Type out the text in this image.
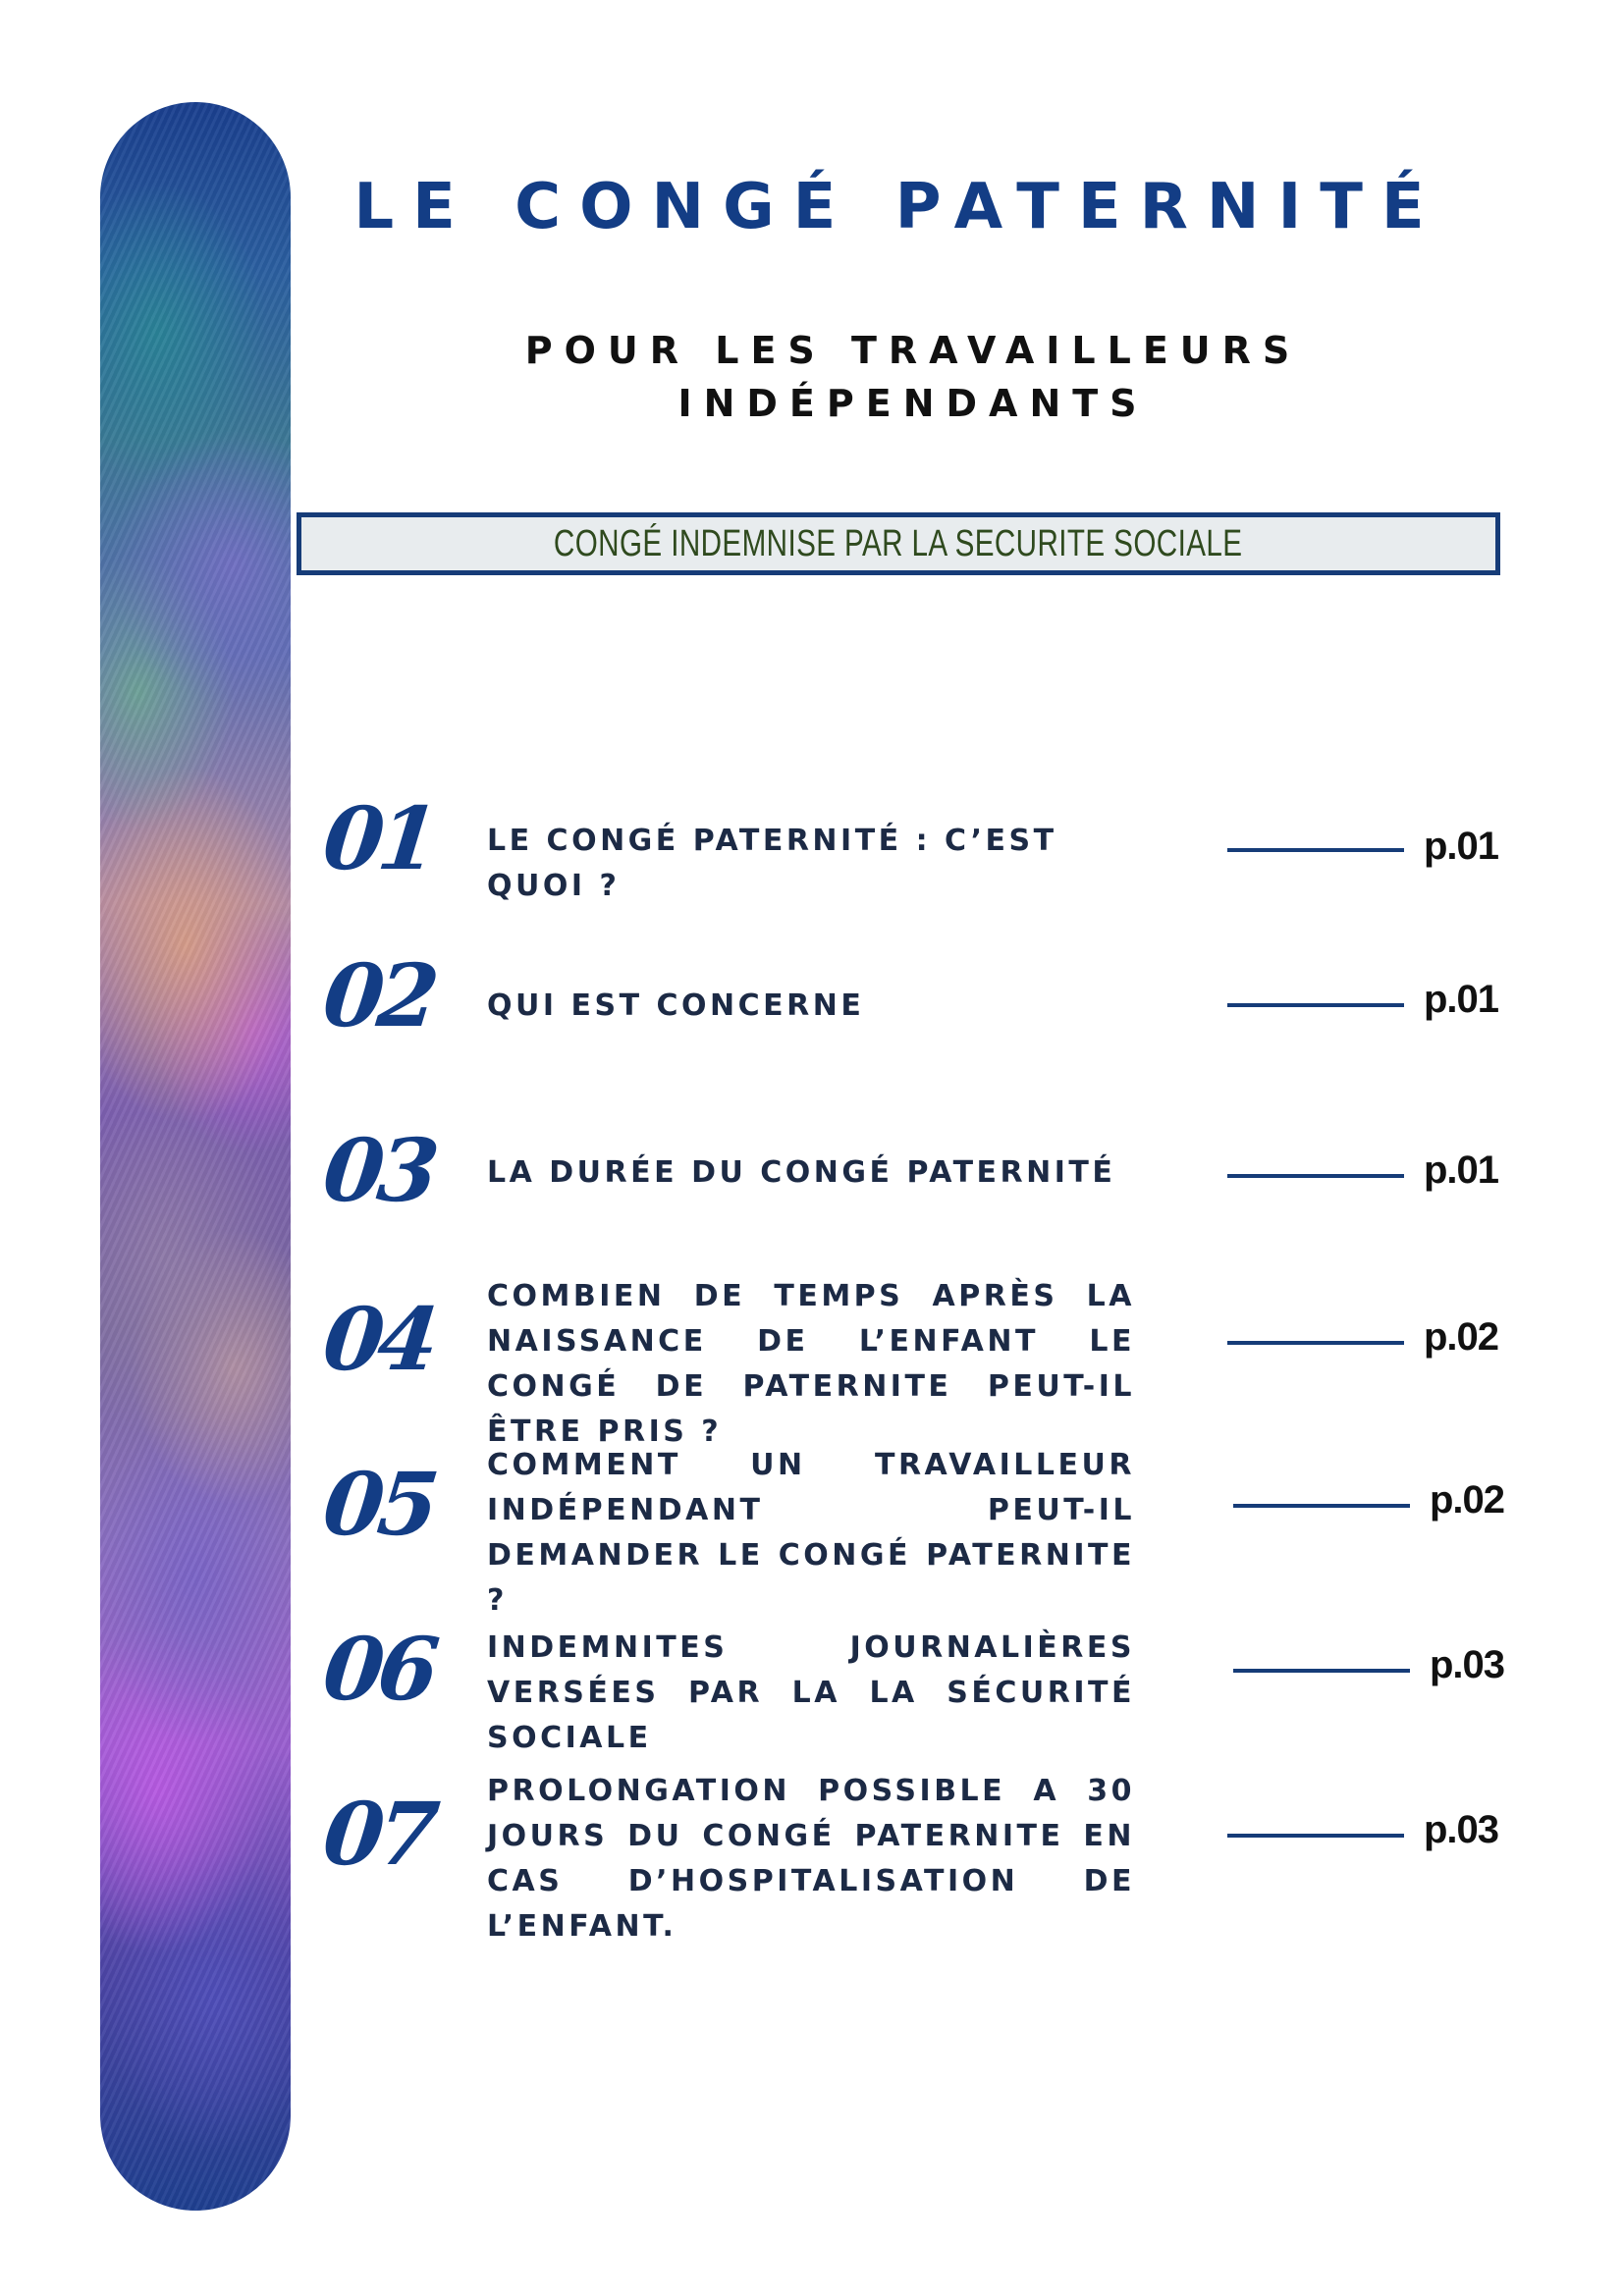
LE CONGÉ PATERNITÉ
POUR LES TRAVAILLEURS
INDÉPENDANTS
CONGÉ INDEMNISE PAR LA SECURITE SOCIALE
01 LE CONGÉ PATERNITÉ : C’EST QUOI ?
p.01
02 QUI EST CONCERNE	p.01
03 LA DURÉE DU CONGÉ PATERNITÉ	p.01
04 COMBIEN DE TEMPS APRÈS LA NAISSANCE DE L’ENFANT LE CONGÉ DE PATERNITE PEUT-IL ÊTRE PRIS ?
p.02
05 COMMENT UN TRAVAILLEUR INDÉPENDANT PEUT-IL DEMANDER LE CONGÉ PATERNITE ?
p.02
06 INDEMNITES JOURNALIÈRES VERSÉES PAR LA LA SÉCURITÉ SOCIALE
p.03
07 PROLONGATION POSSIBLE A 30 JOURS DU CONGÉ PATERNITE EN CAS D’HOSPITALISATION DE L’ENFANT.
p.03
